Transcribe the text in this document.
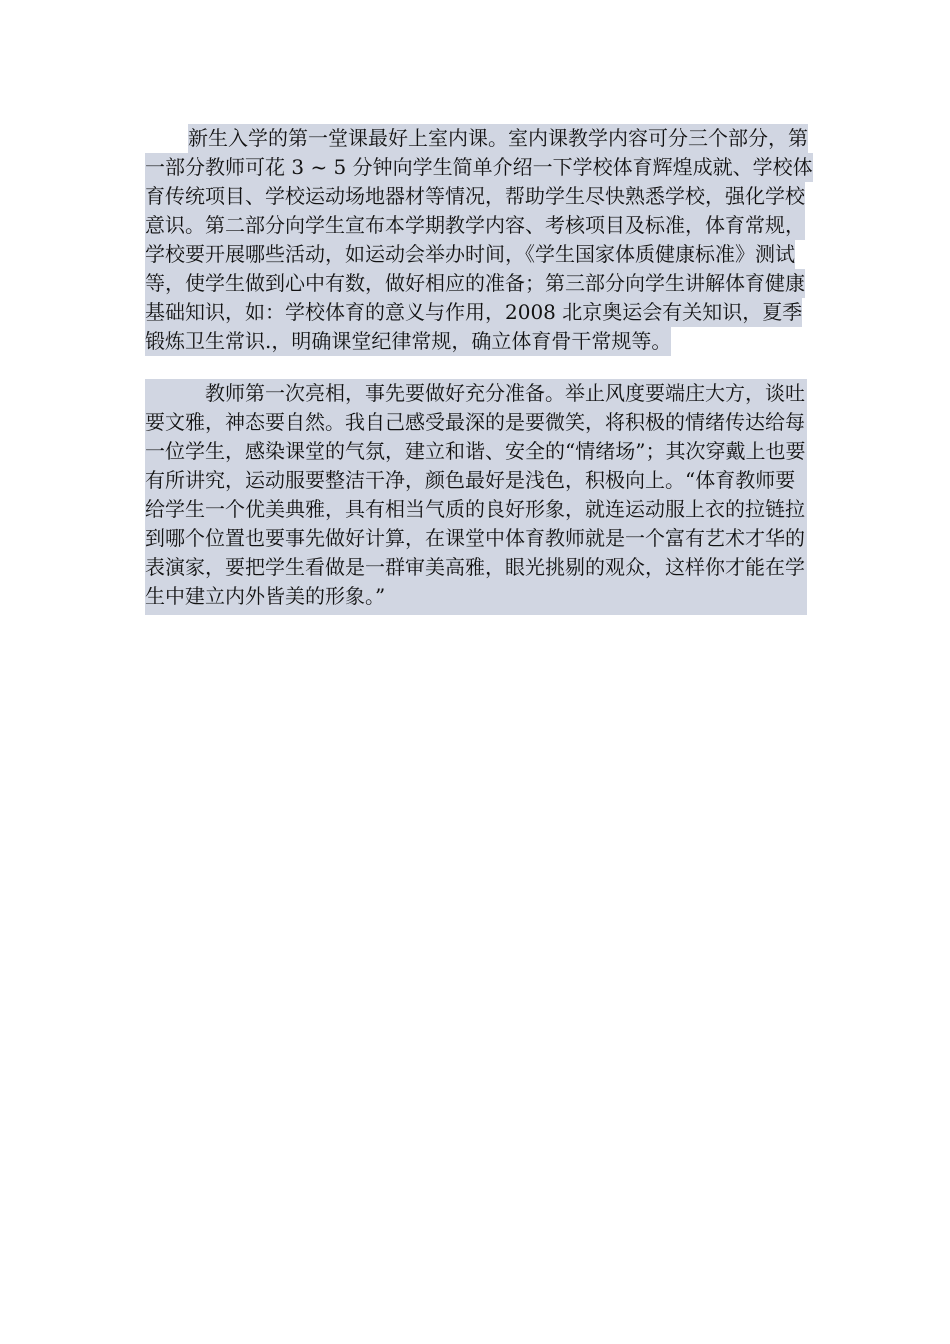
新生入学的第一堂课最好上室内课。室内课教学内容可分三个部分，第一部分教师可花 3 ~ 5 分钟向学生简单介绍一下学校体育辉煌成就、学校体育传统项目、学校运动场地器材等情况，帮助学生尽快熟悉学校，强化学校意识。第二部分向学生宣布本学期教学内容、考核项目及标准，体育常规，学校要开展哪些活动，如运动会举办时间，《学生国家体质健康标准》测试等，使学生做到心中有数，做好相应的准备；第三部分向学生讲解体育健康基础知识，如：学校体育的意义与作用，2008 北京奥运会有关知识，夏季锻炼卫生常识.，明确课堂纪律常规，确立体育骨干常规等。

教师第一次亮相，事先要做好充分准备。举止风度要端庄大方，谈吐要文雅，神态要自然。我自己感受最深的是要微笑，将积极的情绪传达给每一位学生，感染课堂的气氛，建立和谐、安全的“情绪场”；其次穿戴上也要有所讲究，运动服要整洁干净，颜色最好是浅色，积极向上。“体育教师要给学生一个优美典雅，具有相当气质的良好形象，就连运动服上衣的拉链拉到哪个位置也要事先做好计算，在课堂中体育教师就是一个富有艺术才华的表演家，要把学生看做是一群审美高雅，眼光挑剔的观众，这样你才能在学生中建立内外皆美的形象。”
